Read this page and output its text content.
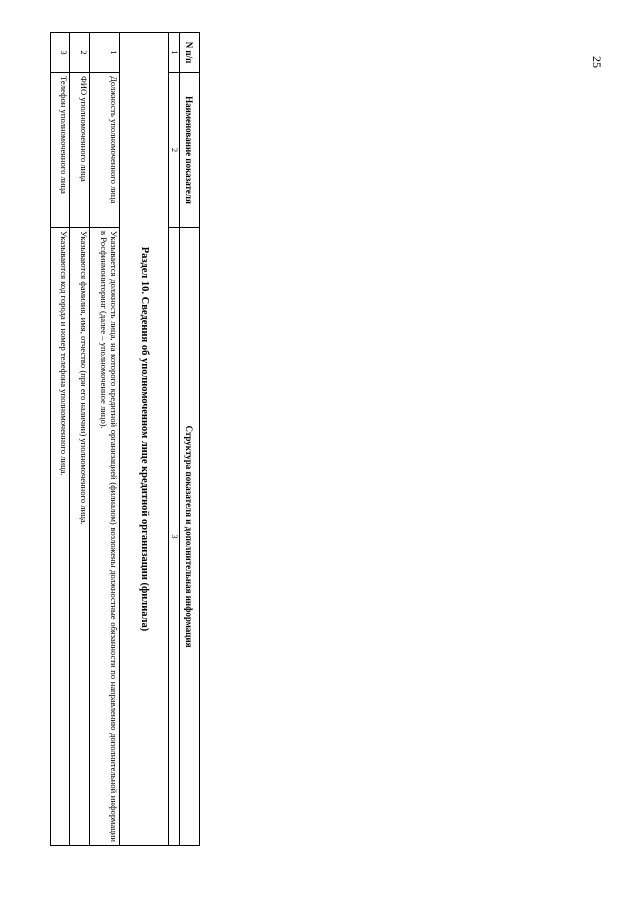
25
N п/п	Наименование показателя	Структура показателя и дополнительная информация
1	2	3
Раздел 10. Сведения об уполномоченном лице кредитной организации (филиала)		
1	Должность уполномоченного лица	Указывается должность лица, на которого кредитной организацией (филиалом) возложены должностные обязанности по направлению дополнительной информации в Росфинмониторинг (далее – уполномоченное лицо).
2	ФИО уполномоченного лица	Указываются фамилия, имя, отчество (при его наличии) уполномоченного лица.
3	Телефон уполномоченного лица	Указываются код города и номер телефона уполномоченного лица.
